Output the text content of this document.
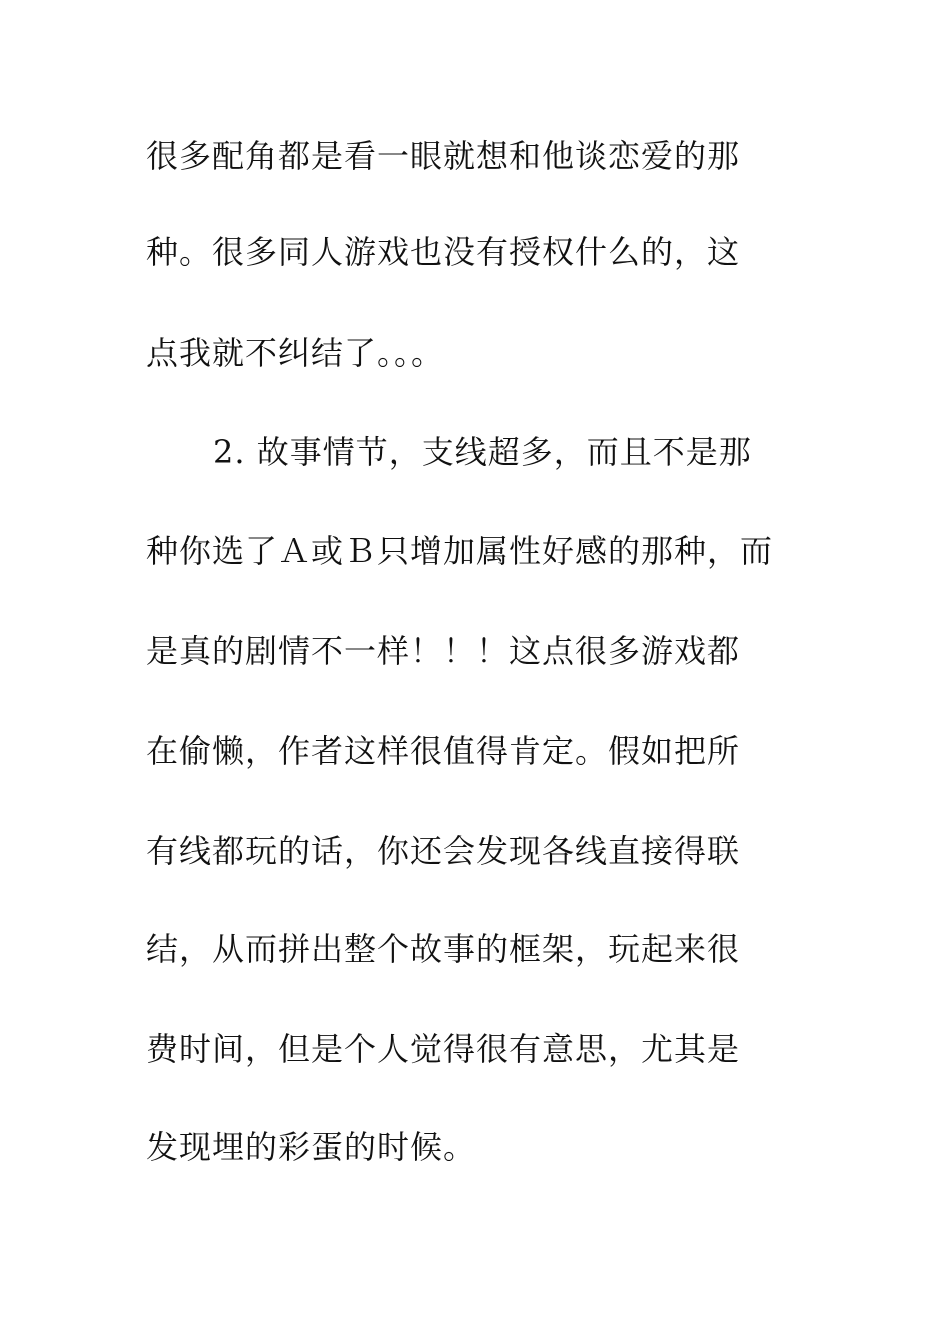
很多配角都是看一眼就想和他谈恋爱的那
种。很多同人游戏也没有授权什么的，这
点我就不纠结了。。。
2. 故事情节，支线超多，而且不是那
种你选了Ａ或Ｂ只增加属性好感的那种，而
是真的剧情不一样！！！这点很多游戏都
在偷懒，作者这样很值得肯定。假如把所
有线都玩的话，你还会发现各线直接得联
结，从而拼出整个故事的框架，玩起来很
费时间，但是个人觉得很有意思，尤其是
发现埋的彩蛋的时候。
